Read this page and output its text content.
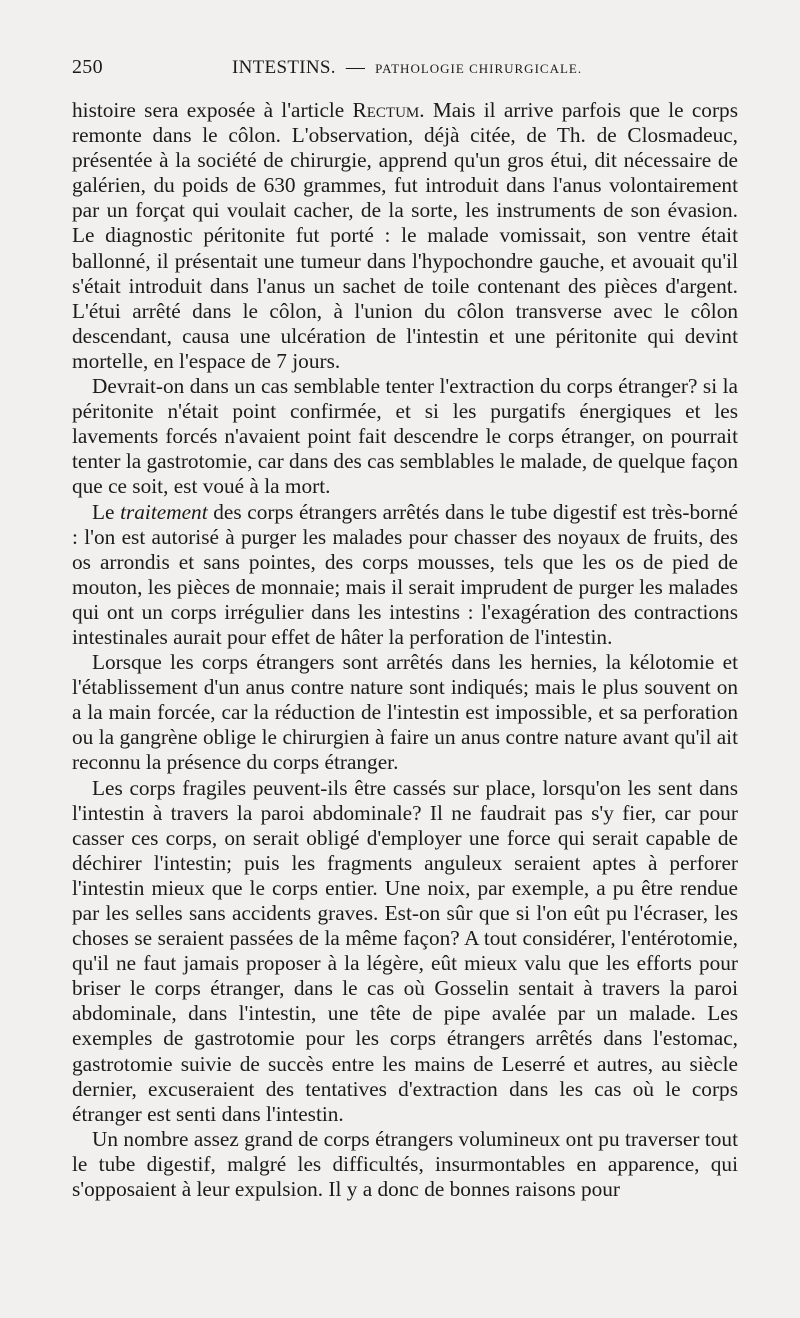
250	INTESTINS. — PATHOLOGIE CHIRURGICALE.

histoire sera exposée à l'article Rectum. Mais il arrive parfois que le corps remonte dans le côlon. L'observation, déjà citée, de Th. de Closmadeuc, présentée à la société de chirurgie, apprend qu'un gros étui, dit nécessaire de galérien, du poids de 630 grammes, fut introduit dans l'anus volontairement par un forçat qui voulait cacher, de la sorte, les instruments de son évasion. Le diagnostic péritonite fut porté : le malade vomissait, son ventre était ballonné, il présentait une tumeur dans l'hypochondre gauche, et avouait qu'il s'était introduit dans l'anus un sachet de toile contenant des pièces d'argent. L'étui arrêté dans le côlon, à l'union du côlon transverse avec le côlon descendant, causa une ulcération de l'intestin et une péritonite qui devint mortelle, en l'espace de 7 jours.

Devrait-on dans un cas semblable tenter l'extraction du corps étranger? si la péritonite n'était point confirmée, et si les purgatifs énergiques et les lavements forcés n'avaient point fait descendre le corps étranger, on pourrait tenter la gastrotomie, car dans des cas semblables le malade, de quelque façon que ce soit, est voué à la mort.

Le traitement des corps étrangers arrêtés dans le tube digestif est très-borné : l'on est autorisé à purger les malades pour chasser des noyaux de fruits, des os arrondis et sans pointes, des corps mousses, tels que les os de pied de mouton, les pièces de monnaie; mais il serait imprudent de purger les malades qui ont un corps irrégulier dans les intestins : l'exagération des contractions intestinales aurait pour effet de hâter la perforation de l'intestin.

Lorsque les corps étrangers sont arrêtés dans les hernies, la kélotomie et l'établissement d'un anus contre nature sont indiqués; mais le plus souvent on a la main forcée, car la réduction de l'intestin est impossible, et sa perforation ou la gangrène oblige le chirurgien à faire un anus contre nature avant qu'il ait reconnu la présence du corps étranger.

Les corps fragiles peuvent-ils être cassés sur place, lorsqu'on les sent dans l'intestin à travers la paroi abdominale? Il ne faudrait pas s'y fier, car pour casser ces corps, on serait obligé d'employer une force qui serait capable de déchirer l'intestin; puis les fragments anguleux seraient aptes à perforer l'intestin mieux que le corps entier. Une noix, par exemple, a pu être rendue par les selles sans accidents graves. Est-on sûr que si l'on eût pu l'écraser, les choses se seraient passées de la même façon? A tout considérer, l'entérotomie, qu'il ne faut jamais proposer à la légère, eût mieux valu que les efforts pour briser le corps étranger, dans le cas où Gosselin sentait à travers la paroi abdominale, dans l'intestin, une tête de pipe avalée par un malade. Les exemples de gastrotomie pour les corps étrangers arrêtés dans l'estomac, gastrotomie suivie de succès entre les mains de Leserré et autres, au siècle dernier, excuseraient des tentatives d'extraction dans les cas où le corps étranger est senti dans l'intestin.

Un nombre assez grand de corps étrangers volumineux ont pu traverser tout le tube digestif, malgré les difficultés, insurmontables en apparence, qui s'opposaient à leur expulsion. Il y a donc de bonnes raisons pour
